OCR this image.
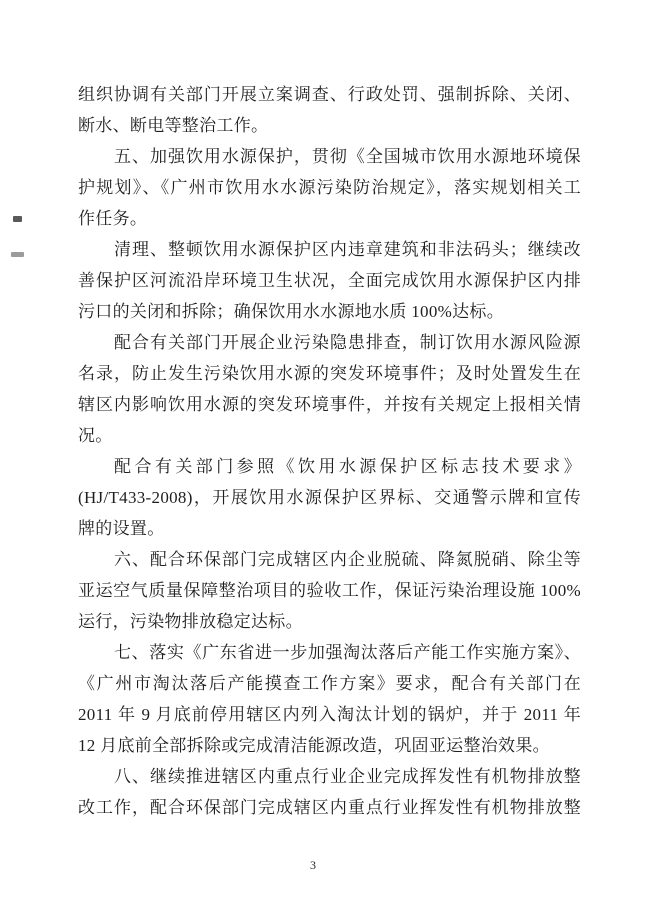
组织协调有关部门开展立案调查、行政处罚、强制拆除、关闭、
断水、断电等整治工作。
五、加强饮用水源保护，贯彻《全国城市饮用水源地环境保
护规划》、《广州市饮用水水源污染防治规定》，落实规划相关工
作任务。
清理、整顿饮用水源保护区内违章建筑和非法码头；继续改
善保护区河流沿岸环境卫生状况，全面完成饮用水源保护区内排
污口的关闭和拆除；确保饮用水水源地水质 100%达标。
配合有关部门开展企业污染隐患排查，制订饮用水源风险源
名录，防止发生污染饮用水源的突发环境事件；及时处置发生在
辖区内影响饮用水源的突发环境事件，并按有关规定上报相关情
况。
配合有关部门参照《饮用水源保护区标志技术要求》
(HJ/T433-2008)，开展饮用水源保护区界标、交通警示牌和宣传
牌的设置。
六、配合环保部门完成辖区内企业脱硫、降氮脱硝、除尘等
亚运空气质量保障整治项目的验收工作，保证污染治理设施 100%
运行，污染物排放稳定达标。
七、落实《广东省进一步加强淘汰落后产能工作实施方案》、
《广州市淘汰落后产能摸查工作方案》要求，配合有关部门在
2011 年 9 月底前停用辖区内列入淘汰计划的锅炉，并于 2011 年
12 月底前全部拆除或完成清洁能源改造，巩固亚运整治效果。
八、继续推进辖区内重点行业企业完成挥发性有机物排放整
改工作，配合环保部门完成辖区内重点行业挥发性有机物排放整
3
